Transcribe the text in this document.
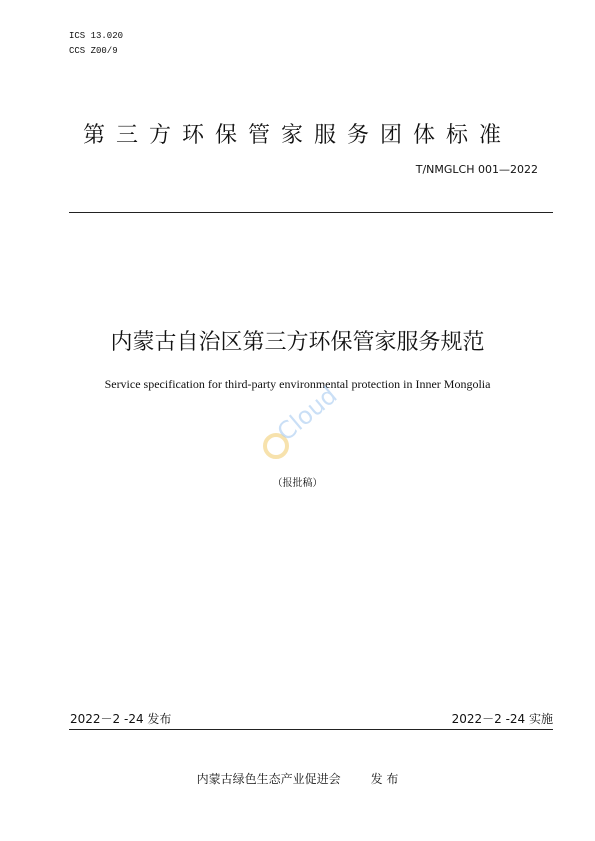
ICS 13.020
CCS Z00/9
第三方环保管家服务团体标准
T/NMGLCH 001—2022
内蒙古自治区第三方环保管家服务规范
Service specification for third-party environmental protection in Inner Mongolia
Cloud
（报批稿）
2022－2 -24 发布	2022－2 -24 实施
内蒙古绿色生态产业促进会	发 布
